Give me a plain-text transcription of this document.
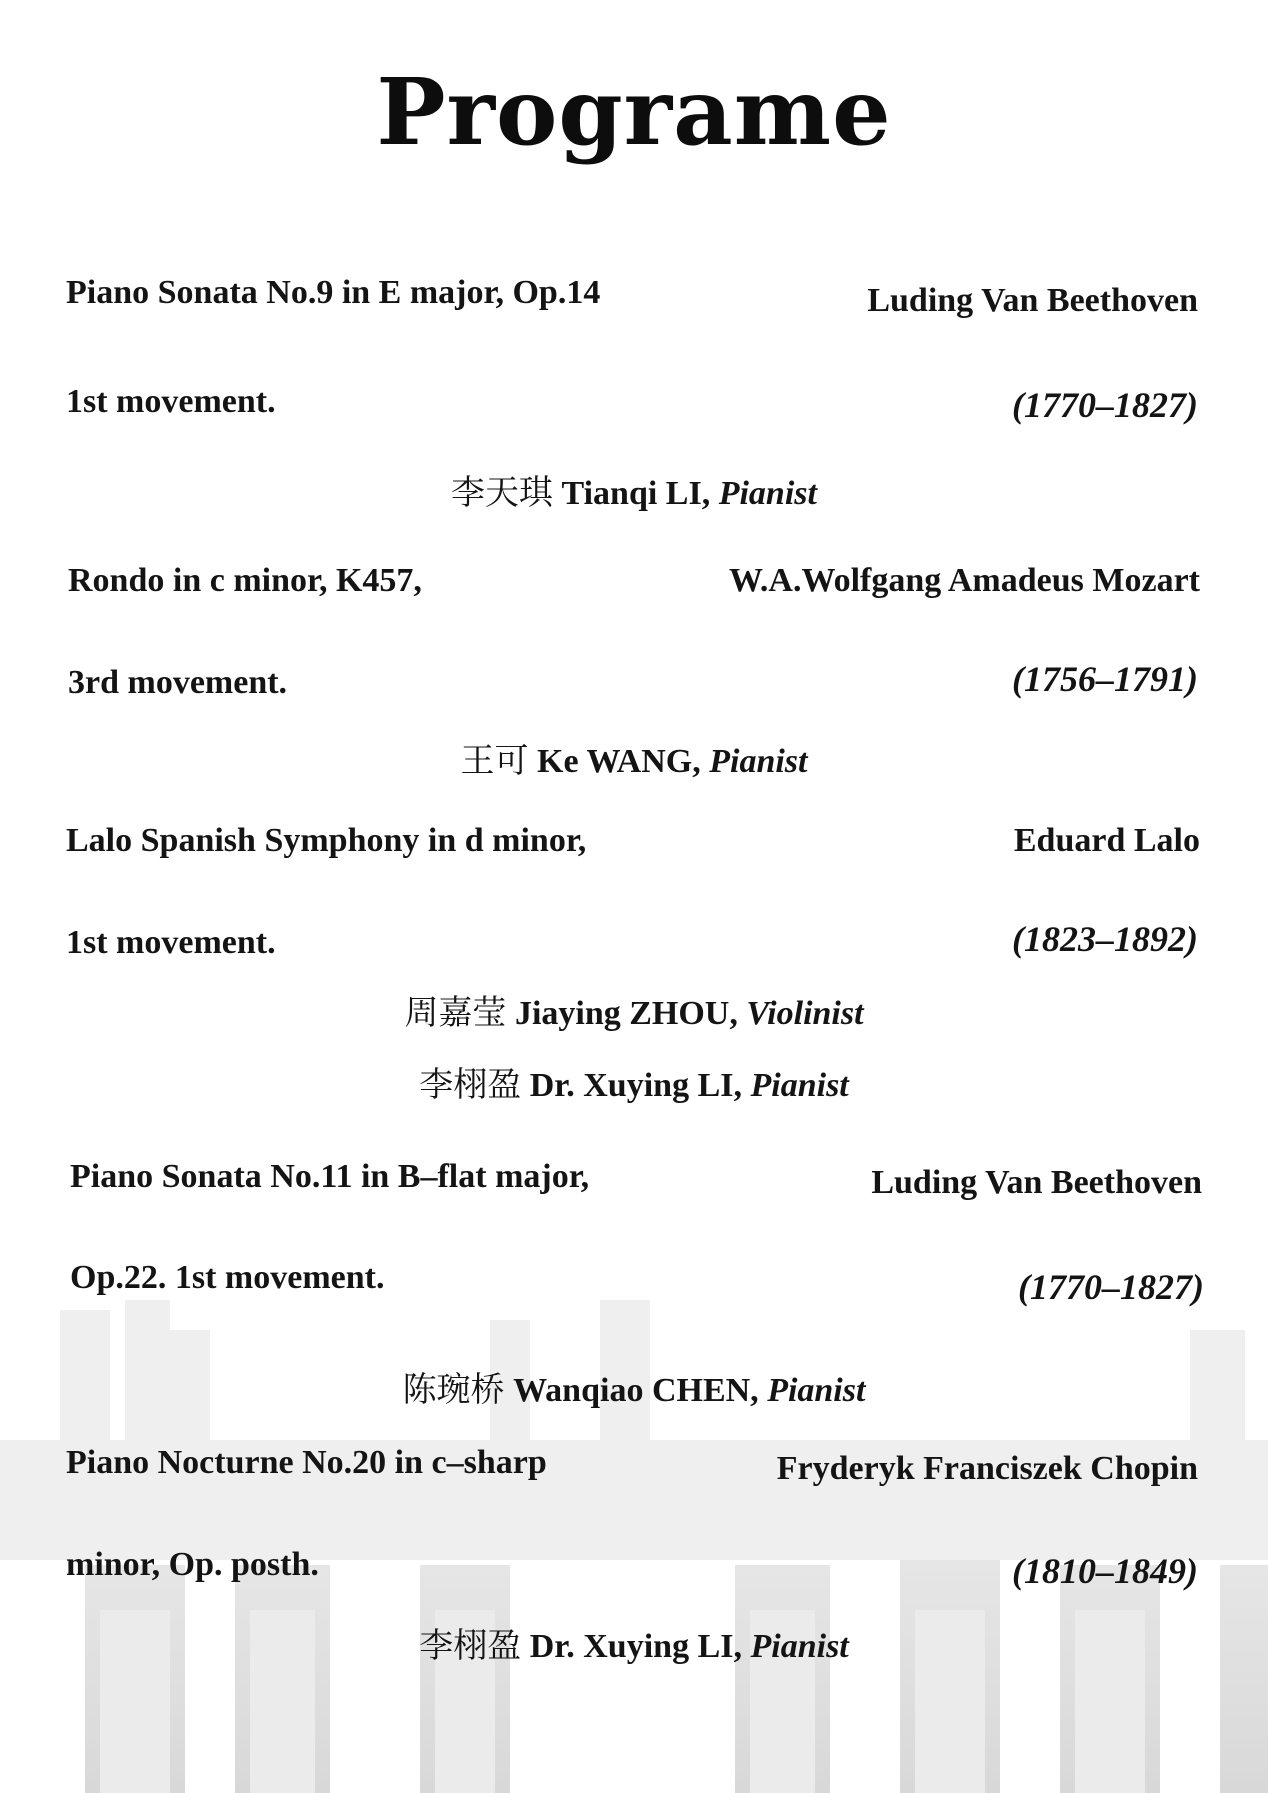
Programe
Piano Sonata No.9 in E major, Op.14	Luding Van Beethoven
1st movement.	(1770–1827)
李天琪 Tianqi LI, Pianist
Rondo in c minor, K457,	W.A.Wolfgang Amadeus Mozart
3rd movement.	(1756–1791)
王可 Ke WANG, Pianist
Lalo Spanish Symphony in d minor,	Eduard Lalo
1st movement.	(1823–1892)
周嘉莹 Jiaying ZHOU, Violinist
李栩盈 Dr. Xuying LI, Pianist
Piano Sonata No.11 in B–flat major,	Luding Van Beethoven
Op.22. 1st movement.	(1770–1827)
陈琬桥 Wanqiao CHEN, Pianist
Piano Nocturne No.20 in c–sharp	Fryderyk Franciszek Chopin
minor, Op. posth.	(1810–1849)
李栩盈 Dr. Xuying LI, Pianist
